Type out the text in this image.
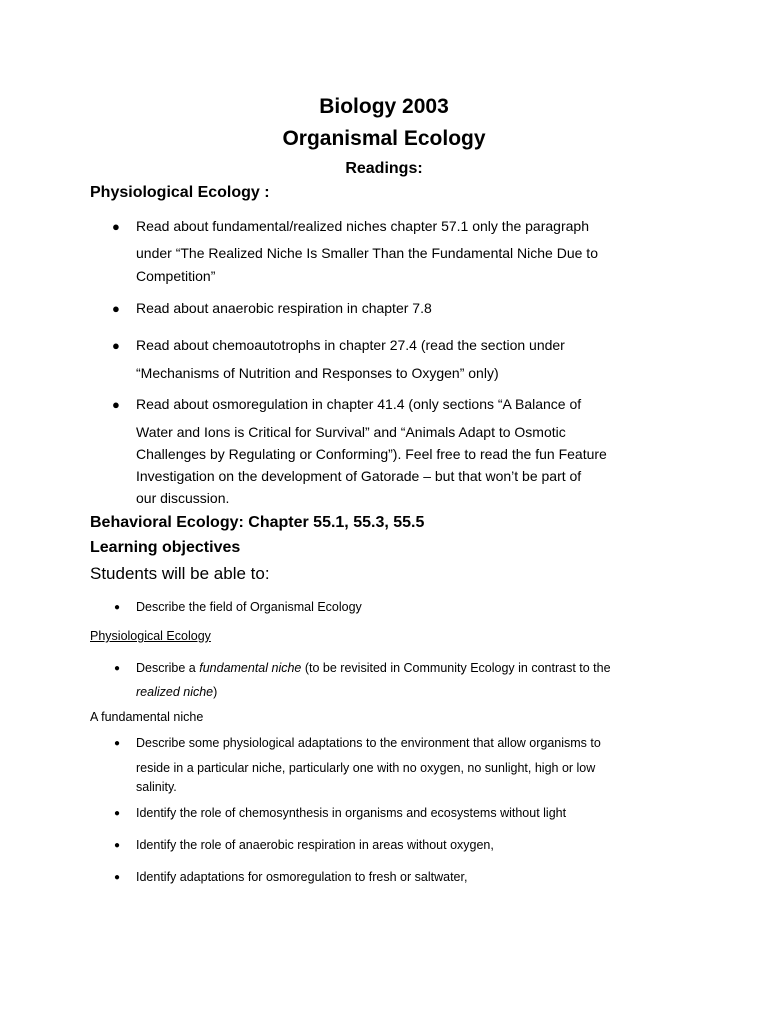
Biology 2003
Organismal Ecology
Readings:
Physiological Ecology :
● Read about fundamental/realized niches chapter 57.1 only the paragraph
under “The Realized Niche Is Smaller Than the Fundamental Niche Due to
Competition”
● Read about anaerobic respiration in chapter 7.8
● Read about chemoautotrophs in chapter 27.4 (read the section under
“Mechanisms of Nutrition and Responses to Oxygen” only)
● Read about osmoregulation in chapter 41.4 (only sections “A Balance of
Water and Ions is Critical for Survival” and “Animals Adapt to Osmotic
Challenges by Regulating or Conforming”). Feel free to read the fun Feature
Investigation on the development of Gatorade – but that won’t be part of
our discussion.
Behavioral Ecology: Chapter 55.1, 55.3, 55.5
Learning objectives
Students will be able to:
● Describe the field of Organismal Ecology
Physiological Ecology
● Describe a fundamental niche (to be revisited in Community Ecology in contrast to the
realized niche)
A fundamental niche
● Describe some physiological adaptations to the environment that allow organisms to
reside in a particular niche, particularly one with no oxygen, no sunlight, high or low
salinity.
● Identify the role of chemosynthesis in organisms and ecosystems without light
● Identify the role of anaerobic respiration in areas without oxygen,
● Identify adaptations for osmoregulation to fresh or saltwater,
